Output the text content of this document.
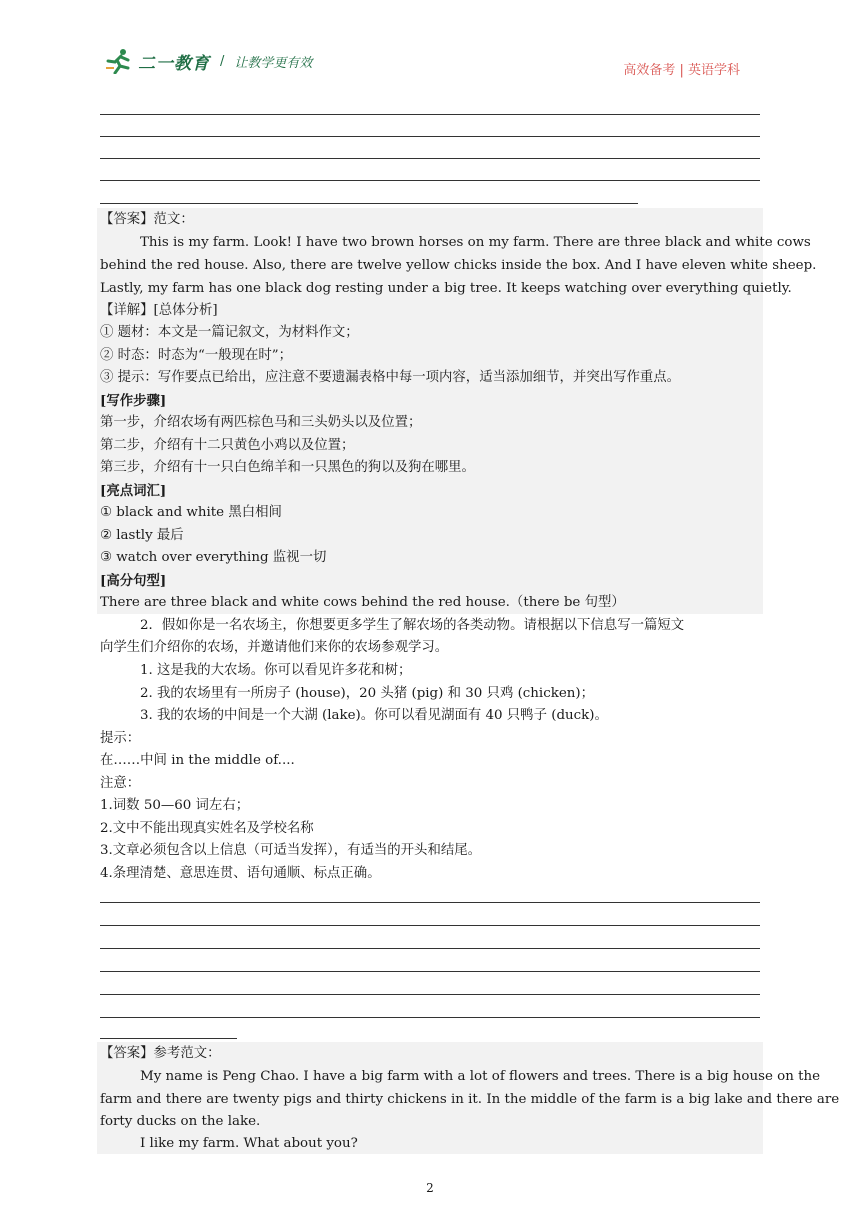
二一教育 / 让教学更有效	高效备考 | 英语学科
【答案】范文：
This is my farm. Look! I have two brown horses on my farm. There are three black and white cows
behind the red house. Also, there are twelve yellow chicks inside the box. And I have eleven white sheep.
Lastly, my farm has one black dog resting under a big tree. It keeps watching over everything quietly.
【详解】[总体分析]
① 题材：本文是一篇记叙文，为材料作文；
② 时态：时态为“一般现在时”；
③ 提示：写作要点已给出，应注意不要遗漏表格中每一项内容，适当添加细节，并突出写作重点。
[写作步骤]
第一步，介绍农场有两匹棕色马和三头奶头以及位置；
第二步，介绍有十二只黄色小鸡以及位置；
第三步，介绍有十一只白色绵羊和一只黑色的狗以及狗在哪里。
[亮点词汇]
① black and white 黑白相间
② lastly 最后
③ watch over everything 监视一切
[高分句型]
There are three black and white cows behind the red house.（there be 句型）
2．假如你是一名农场主，你想要更多学生了解农场的各类动物。请根据以下信息写一篇短文
向学生们介绍你的农场，并邀请他们来你的农场参观学习。
1. 这是我的大农场。你可以看见许多花和树；
2. 我的农场里有一所房子 (house)，20 头猪 (pig) 和 30 只鸡 (chicken)；
3. 我的农场的中间是一个大湖 (lake)。你可以看见湖面有 40 只鸭子 (duck)。
提示：
在……中间 in the middle of....
注意：
1.词数 50—60 词左右；
2.文中不能出现真实姓名及学校名称
3.文章必须包含以上信息（可适当发挥），有适当的开头和结尾。
4.条理清楚、意思连贯、语句通顺、标点正确。
【答案】参考范文：
My name is Peng Chao. I have a big farm with a lot of flowers and trees. There is a big house on the
farm and there are twenty pigs and thirty chickens in it. In the middle of the farm is a big lake and there are
forty ducks on the lake.
I like my farm. What about you?
2
